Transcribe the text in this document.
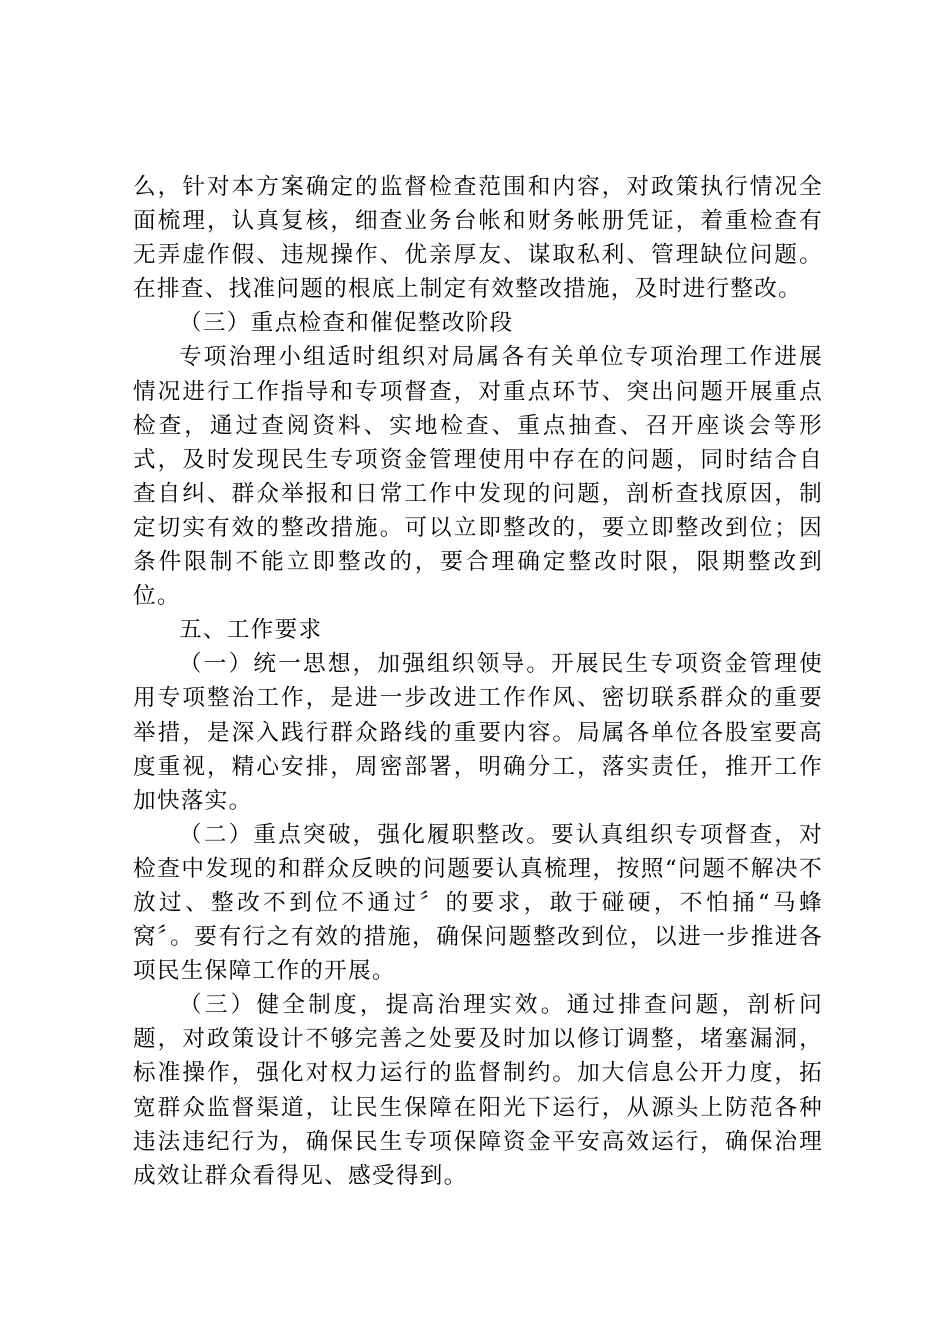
么，针对本方案确定的监督检查范围和内容，对政策执行情况全面梳理，认真复核，细查业务台帐和财务帐册凭证，着重检查有无弄虚作假、违规操作、优亲厚友、谋取私利、管理缺位问题。在排查、找准问题的根底上制定有效整改措施，及时进行整改。

（三）重点检查和催促整改阶段

专项治理小组适时组织对局属各有关单位专项治理工作进展情况进行工作指导和专项督查，对重点环节、突出问题开展重点检查，通过查阅资料、实地检查、重点抽查、召开座谈会等形式，及时发现民生专项资金管理使用中存在的问题，同时结合自查自纠、群众举报和日常工作中发现的问题，剖析查找原因，制定切实有效的整改措施。可以立即整改的，要立即整改到位；因条件限制不能立即整改的，要合理确定整改时限，限期整改到位。

五、工作要求

（一）统一思想，加强组织领导。开展民生专项资金管理使用专项整治工作，是进一步改进工作作风、密切联系群众的重要举措，是深入践行群众路线的重要内容。局属各单位各股室要高度重视，精心安排，周密部署，明确分工，落实责任，推开工作加快落实。

（二）重点突破，强化履职整改。要认真组织专项督查，对检查中发现的和群众反映的问题要认真梳理，按照“问题不解决不放过、整改不到位不通过〞的要求，敢于碰硬，不怕捅“马蜂窝〞。要有行之有效的措施，确保问题整改到位，以进一步推进各项民生保障工作的开展。

（三）健全制度，提高治理实效。通过排查问题，剖析问题，对政策设计不够完善之处要及时加以修订调整，堵塞漏洞，标准操作，强化对权力运行的监督制约。加大信息公开力度，拓宽群众监督渠道，让民生保障在阳光下运行，从源头上防范各种违法违纪行为，确保民生专项保障资金平安高效运行，确保治理成效让群众看得见、感受得到。
